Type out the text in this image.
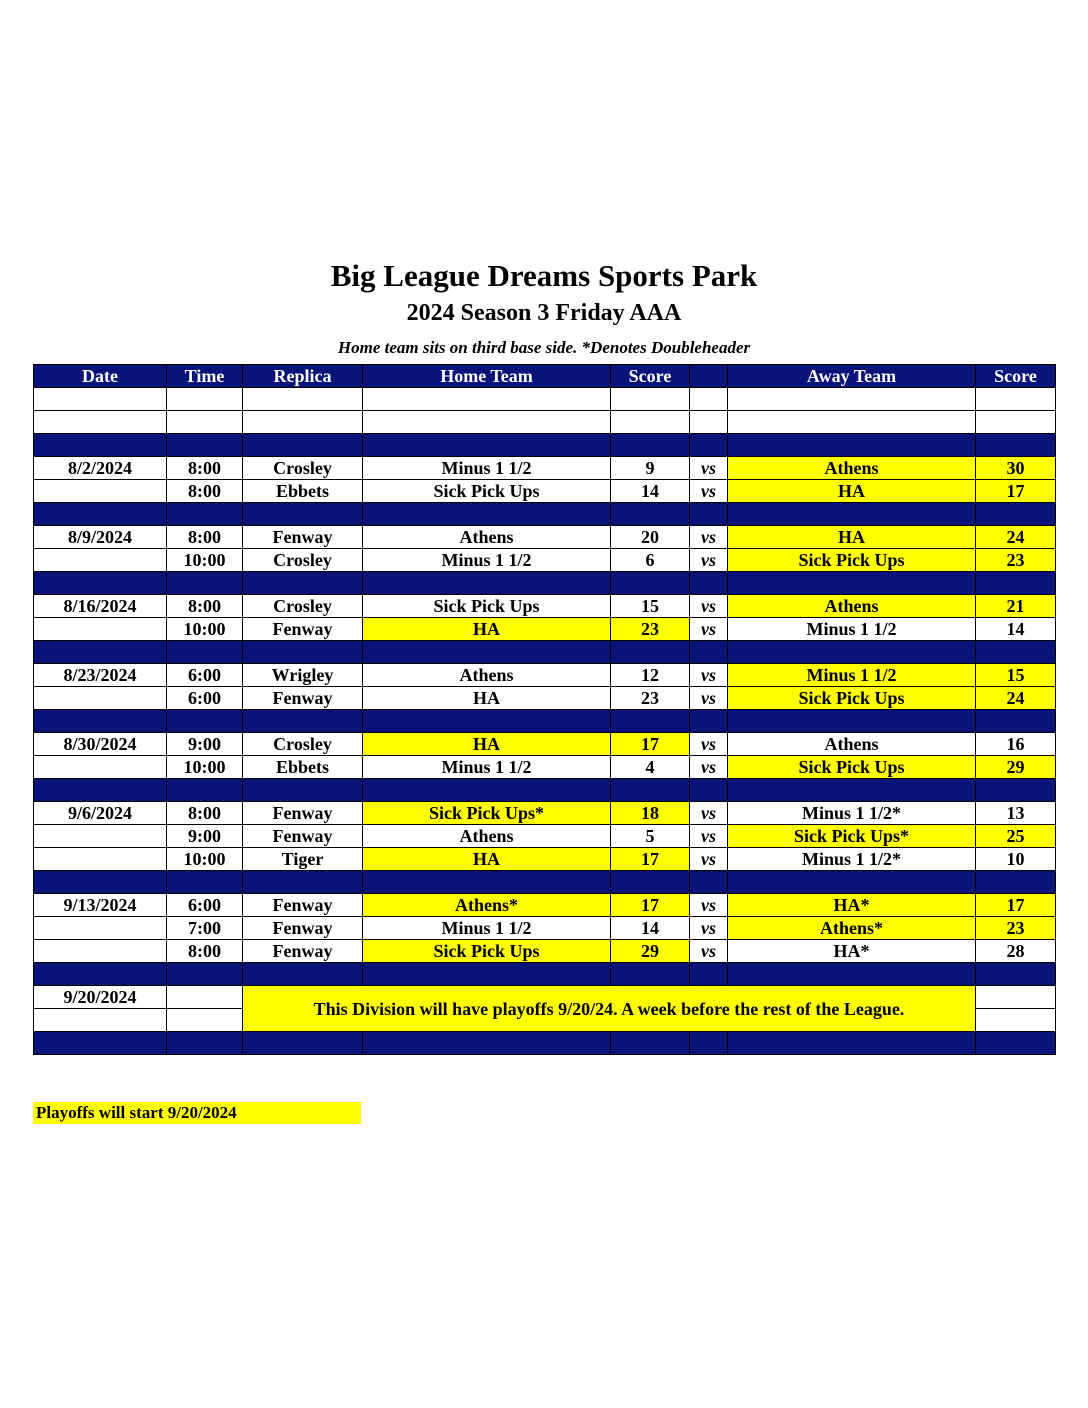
Big League Dreams Sports Park
2024 Season 3 Friday AAA
Home team sits on third base side. *Denotes Doubleheader
Date	Time	Replica	Home Team	Score		Away Team	Score

8/2/2024	8:00	Crosley	Minus 1 1/2	9	vs	Athens	30
	8:00	Ebbets	Sick Pick Ups	14	vs	HA	17

8/9/2024	8:00	Fenway	Athens	20	vs	HA	24
	10:00	Crosley	Minus 1 1/2	6	vs	Sick Pick Ups	23

8/16/2024	8:00	Crosley	Sick Pick Ups	15	vs	Athens	21
	10:00	Fenway	HA	23	vs	Minus 1 1/2	14

8/23/2024	6:00	Wrigley	Athens	12	vs	Minus 1 1/2	15
	6:00	Fenway	HA	23	vs	Sick Pick Ups	24

8/30/2024	9:00	Crosley	HA	17	vs	Athens	16
	10:00	Ebbets	Minus 1 1/2	4	vs	Sick Pick Ups	29

9/6/2024	8:00	Fenway	Sick Pick Ups*	18	vs	Minus 1 1/2*	13
	9:00	Fenway	Athens	5	vs	Sick Pick Ups*	25
	10:00	Tiger	HA	17	vs	Minus 1 1/2*	10

9/13/2024	6:00	Fenway	Athens*	17	vs	HA*	17
	7:00	Fenway	Minus 1 1/2	14	vs	Athens*	23
	8:00	Fenway	Sick Pick Ups	29	vs	HA*	28

9/20/2024		This Division will have playoffs 9/20/24. A week before the rest of the League.					

Playoffs will start 9/20/2024
